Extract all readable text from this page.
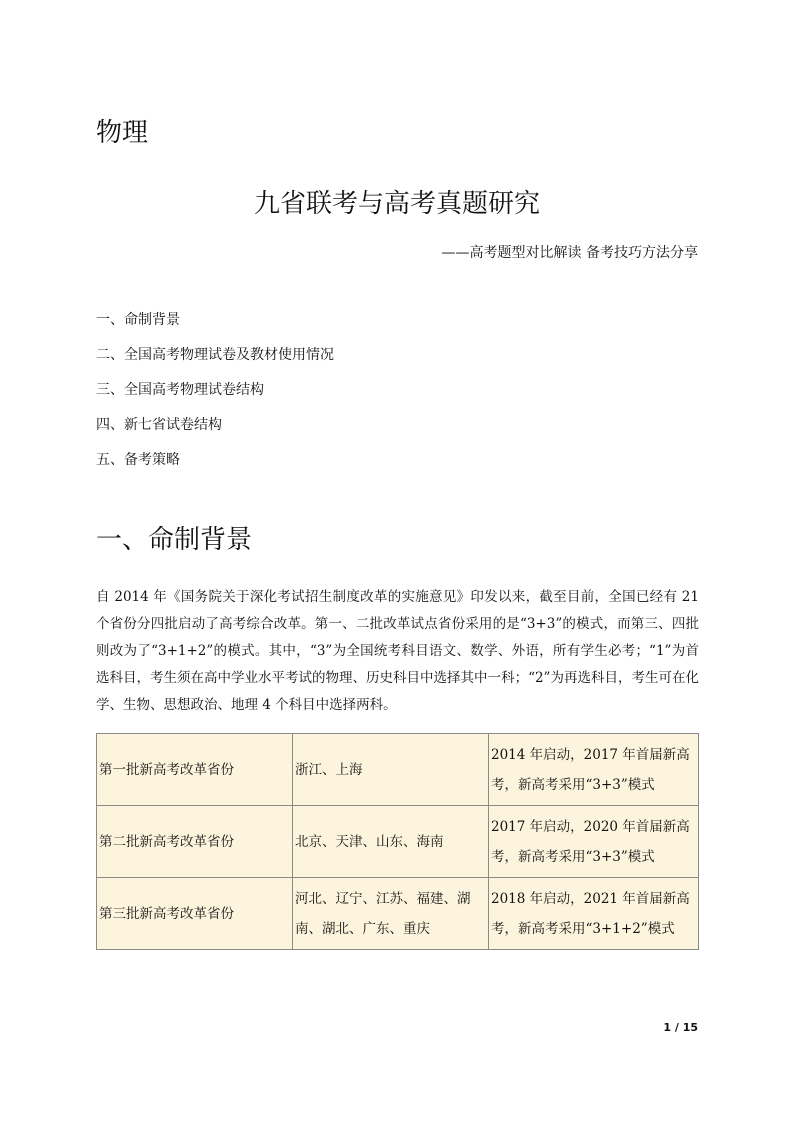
物理
九省联考与高考真题研究
——高考题型对比解读 备考技巧方法分享
一、命制背景
二、全国高考物理试卷及教材使用情况
三、全国高考物理试卷结构
四、新七省试卷结构
五、备考策略
一、命制背景

自 2014 年《国务院关于深化考试招生制度改革的实施意见》印发以来，截至目前，全国已经有 21 个省份分四批启动了高考综合改革。第一、二批改革试点省份采用的是“3+3”的模式，而第三、四批则改为了“3+1+2”的模式。其中，“3”为全国统考科目语文、数学、外语，所有学生必考；“1”为首选科目，考生须在高中学业水平考试的物理、历史科目中选择其中一科；“2”为再选科目，考生可在化学、生物、思想政治、地理 4 个科目中选择两科。

第一批新高考改革省份	浙江、上海	2014 年启动，2017 年首届新高考，新高考采用“3+3”模式
第二批新高考改革省份	北京、天津、山东、海南	2017 年启动，2020 年首届新高考，新高考采用“3+3”模式
第三批新高考改革省份	河北、辽宁、江苏、福建、湖南、湖北、广东、重庆	2018 年启动，2021 年首届新高考，新高考采用“3+1+2”模式
1 / 15
